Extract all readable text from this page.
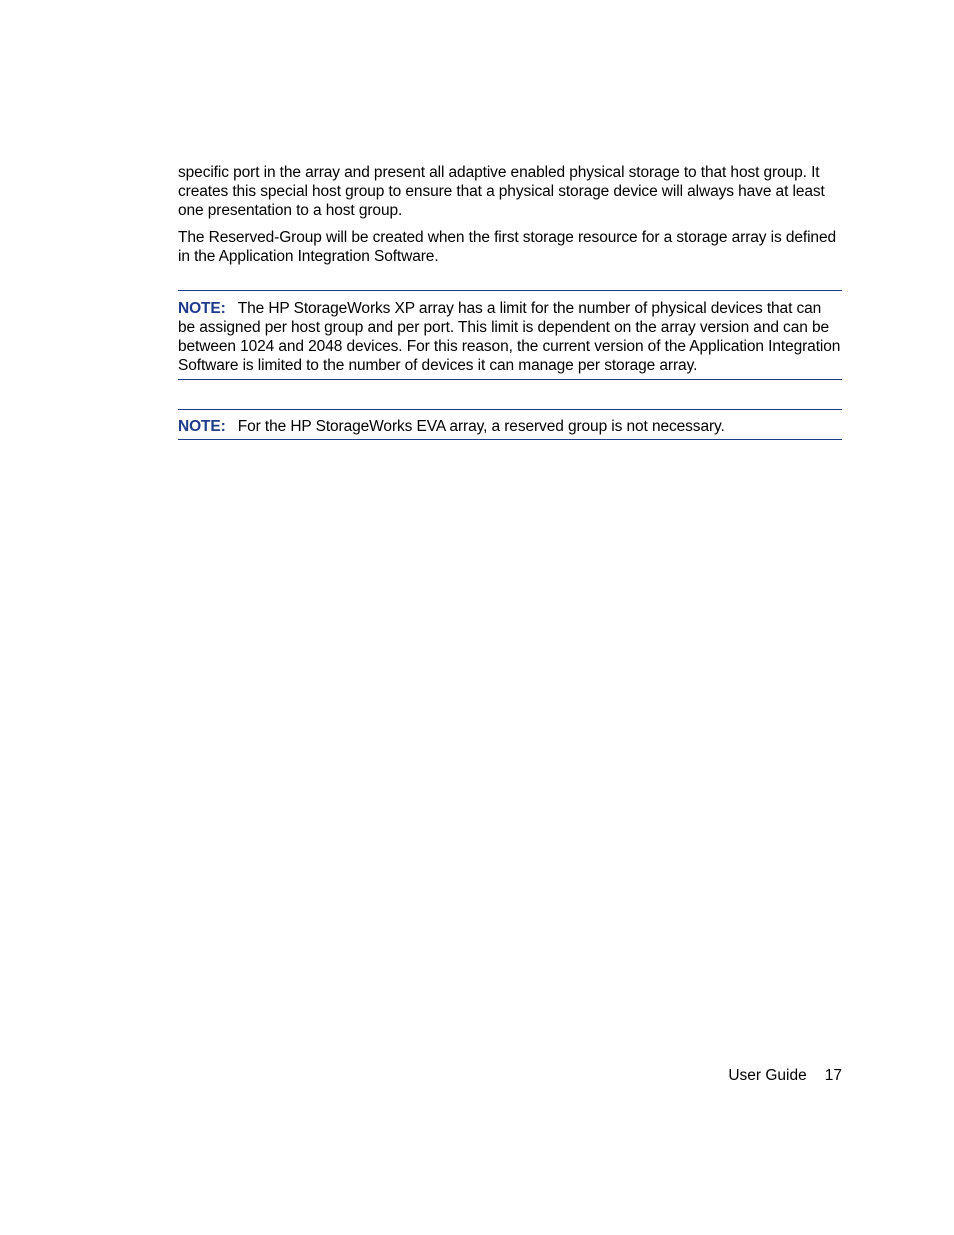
specific port in the array and present all adaptive enabled physical storage to that host group. It creates this special host group to ensure that a physical storage device will always have at least one presentation to a host group.

The Reserved-Group will be created when the first storage resource for a storage array is defined in the Application Integration Software.

NOTE: The HP StorageWorks XP array has a limit for the number of physical devices that can be assigned per host group and per port. This limit is dependent on the array version and can be between 1024 and 2048 devices. For this reason, the current version of the Application Integration Software is limited to the number of devices it can manage per storage array.
NOTE: For the HP StorageWorks EVA array, a reserved group is not necessary.
User Guide 17
